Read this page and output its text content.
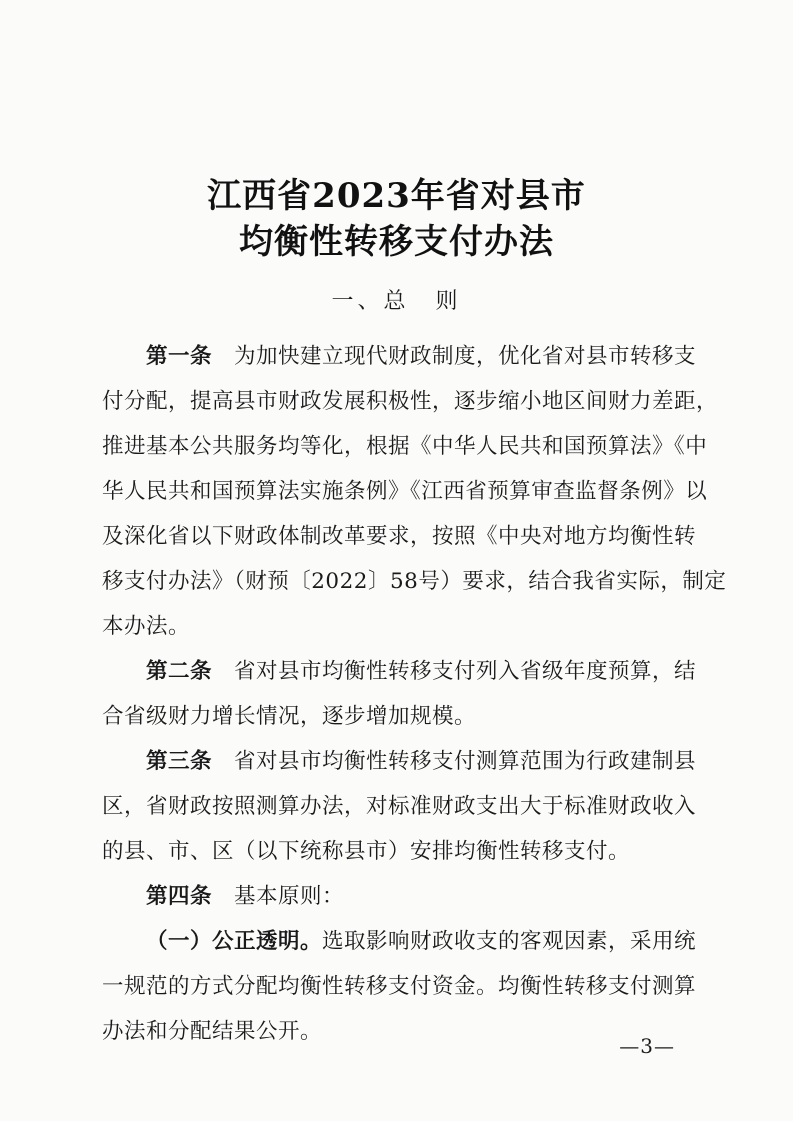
江西省2023年省对县市
均衡性转移支付办法
一、总　则
第一条 为加快建立现代财政制度，优化省对县市转移支
付分配，提高县市财政发展积极性，逐步缩小地区间财力差距，
推进基本公共服务均等化，根据《中华人民共和国预算法》《中
华人民共和国预算法实施条例》《江西省预算审查监督条例》以
及深化省以下财政体制改革要求，按照《中央对地方均衡性转
移支付办法》（财预〔2022〕58号）要求，结合我省实际，制定
本办法。
第二条 省对县市均衡性转移支付列入省级年度预算，结
合省级财力增长情况，逐步增加规模。
第三条 省对县市均衡性转移支付测算范围为行政建制县
区，省财政按照测算办法，对标准财政支出大于标准财政收入
的县、市、区（以下统称县市）安排均衡性转移支付。
第四条 基本原则：
（一）公正透明。选取影响财政收支的客观因素，采用统
一规范的方式分配均衡性转移支付资金。均衡性转移支付测算
办法和分配结果公开。
—3—
